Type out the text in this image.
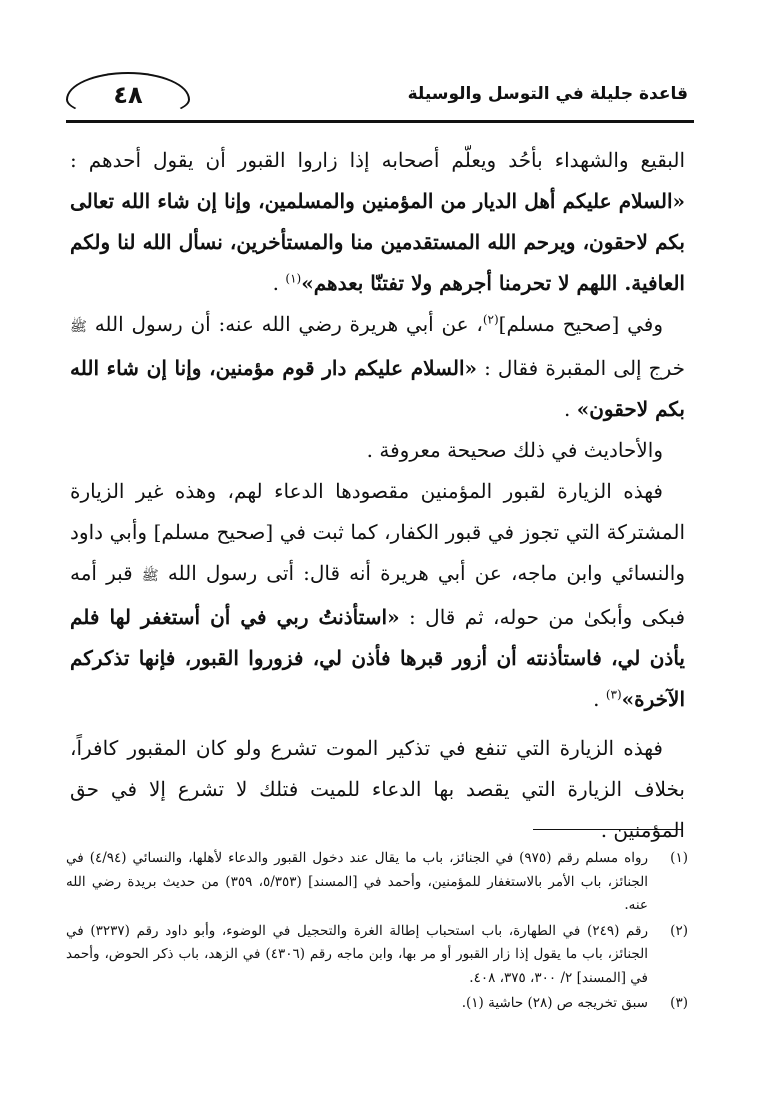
٤٨	قاعدة جليلة في التوسل والوسيلة

البقيع والشهداء بأحُد ويعلّم أصحابه إذا زاروا القبور أن يقول أحدهم : «السلام عليكم أهل الديار من المؤمنين والمسلمين، وإنا إن شاء الله تعالى بكم لاحقون، ويرحم الله المستقدمين منا والمستأخرين، نسأل الله لنا ولكم العافية. اللهم لا تحرمنا أجرهم ولا تفتنّا بعدهم»$^{(١)}$ .

وفي [صحيح مسلم]$^{(٢)}$، عن أبي هريرة رضي الله عنه: أن رسول الله ﷺ خرج إلى المقبرة فقال : «السلام عليكم دار قوم مؤمنين، وإنا إن شاء الله بكم لاحقون» .

والأحاديث في ذلك صحيحة معروفة .

فهذه الزيارة لقبور المؤمنين مقصودها الدعاء لهم، وهذه غير الزيارة المشتركة التي تجوز في قبور الكفار، كما ثبت في [صحيح مسلم] وأبي داود والنسائي وابن ماجه، عن أبي هريرة أنه قال: أتى رسول الله ﷺ قبر أمه فبكى وأبكىٰ من حوله، ثم قال : «استأذنتُ ربي في أن أستغفر لها فلم يأذن لي، فاستأذنته أن أزور قبرها فأذن لي، فزوروا القبور، فإنها تذكركم الآخرة»$^{(٣)}$ .

فهذه الزيارة التي تنفع في تذكير الموت تشرع ولو كان المقبور كافراً، بخلاف الزيارة التي يقصد بها الدعاء للميت فتلك لا تشرع إلا في حق المؤمنين .

(١)
رواه مسلم رقم (٩٧٥) في الجنائز، باب ما يقال عند دخول القبور والدعاء لأهلها، والنسائي (٤/٩٤) في الجنائز، باب الأمر بالاستغفار للمؤمنين، وأحمد في [المسند] (٥/٣٥٣، ٣٥٩) من حديث بريدة رضي الله عنه.

(٢)
رقم (٢٤٩) في الطهارة، باب استحباب إطالة الغرة والتحجيل في الوضوء، وأبو داود رقم (٣٢٣٧) في الجنائز، باب ما يقول إذا زار القبور أو مر بها، وابن ماجه رقم (٤٣٠٦) في الزهد، باب ذكر الحوض، وأحمد في [المسند] ٢/ ٣٠٠، ٣٧٥، ٤٠٨.

(٣)
سبق تخريجه ص (٢٨) حاشية (١).
